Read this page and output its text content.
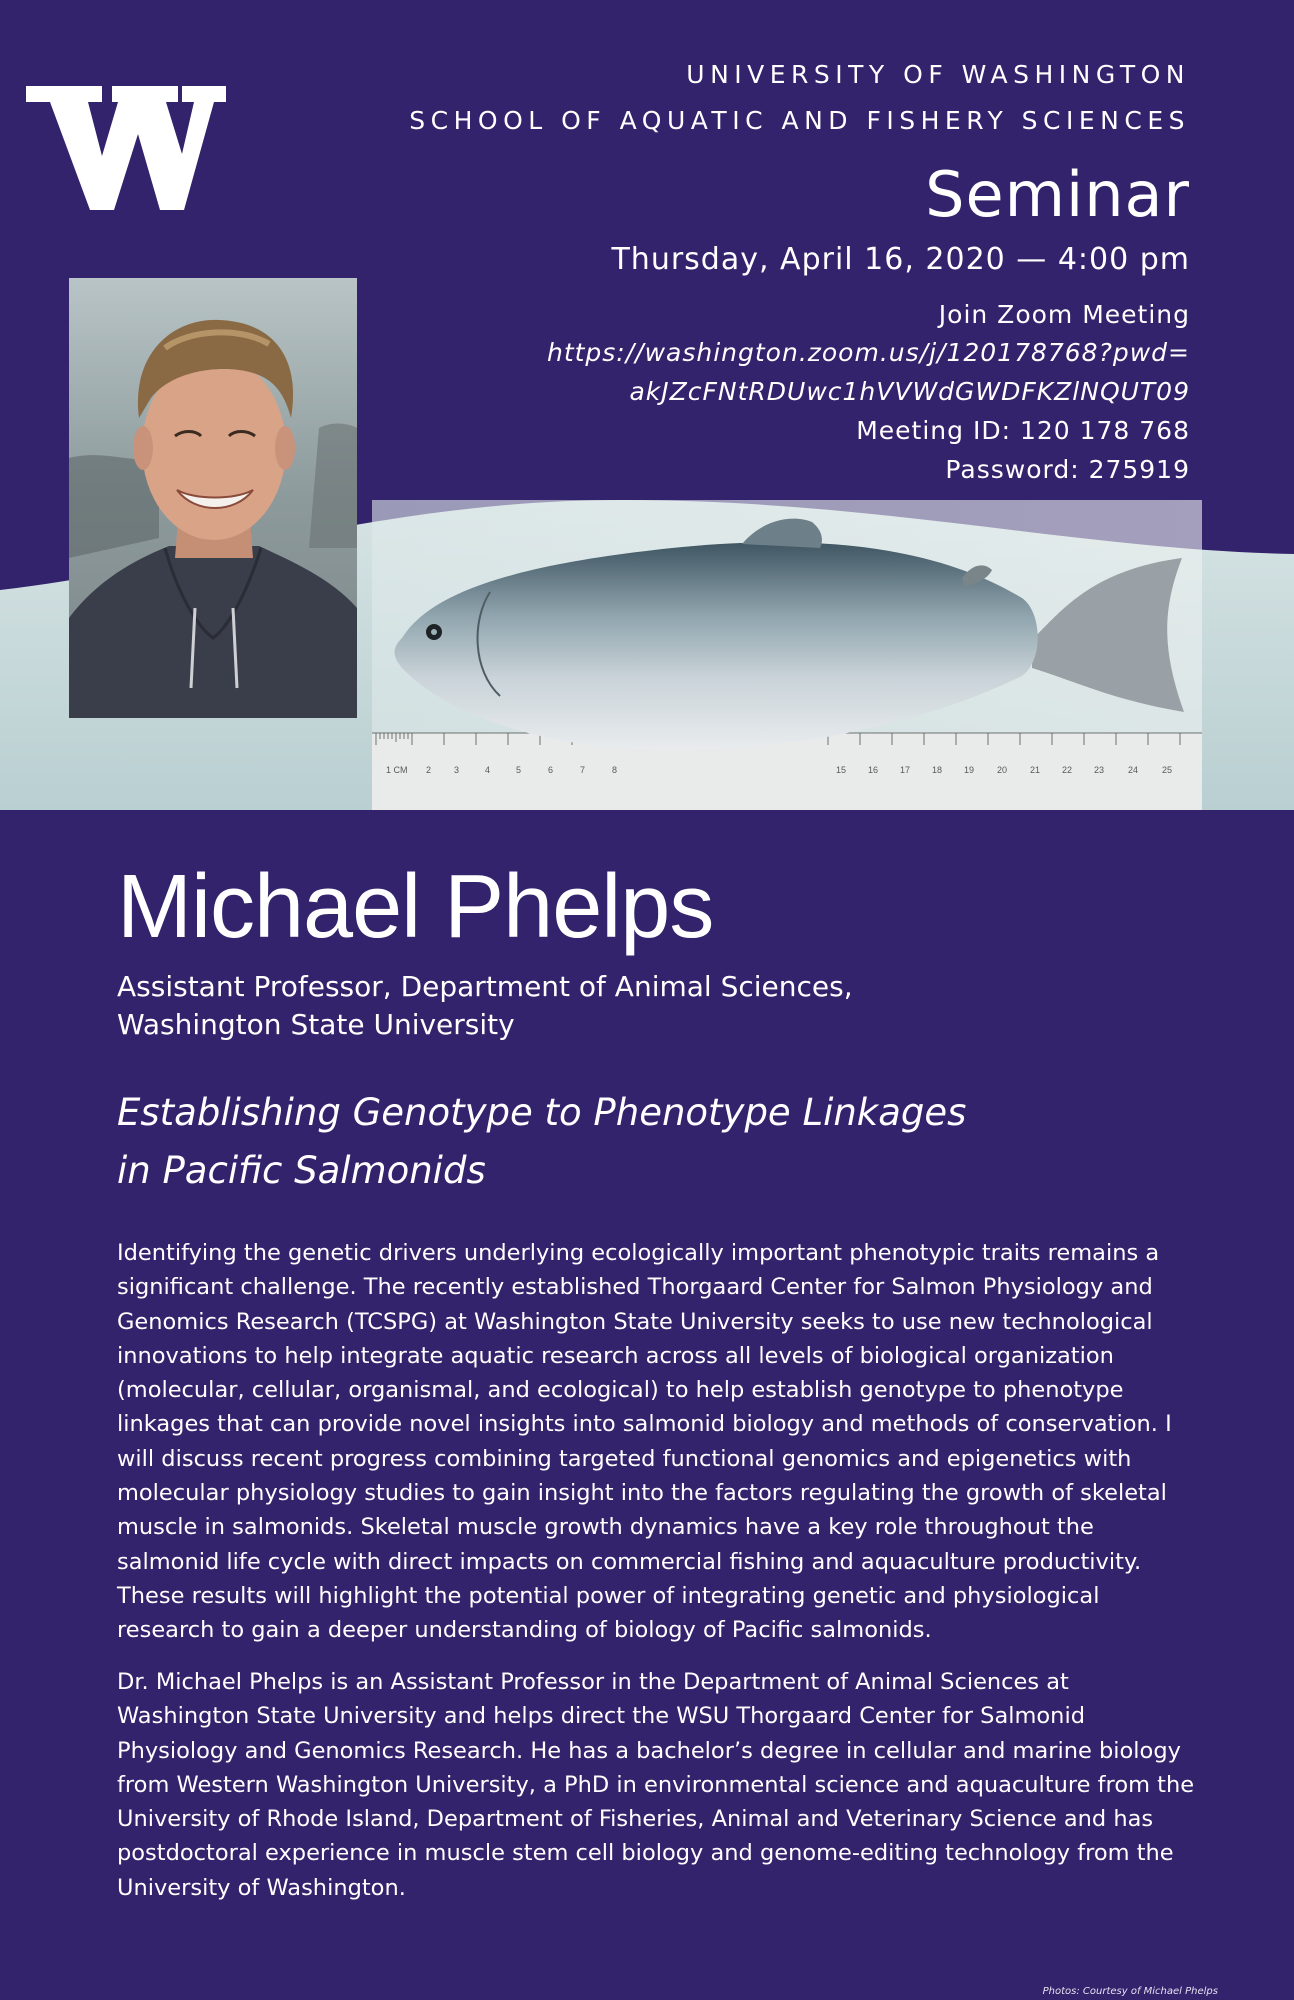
UNIVERSITY OF WASHINGTON
SCHOOL OF AQUATIC AND FISHERY SCIENCES
Seminar
Thursday, April 16, 2020 — 4:00 pm
Join Zoom Meeting
https://washington.zoom.us/j/120178768?pwd=
akJZcFNtRDUwc1hVVWdGWDFKZlNQUT09
Meeting ID: 120 178 768
Password: 275919
1 CM 2	3	4	5	6	7	8	15 16 17 18 19	20	21 22 23	24	25
Michael Phelps
Assistant Professor, Department of Animal Sciences,
Washington State University
Establishing Genotype to Phenotype Linkages
in Pacific Salmonids

Identifying the genetic drivers underlying ecologically important phenotypic traits remains a significant challenge. The recently established Thorgaard Center for Salmon Physiology and Genomics Research (TCSPG) at Washington State University seeks to use new technological innovations to help integrate aquatic research across all levels of biological organization (molecular, cellular, organismal, and ecological) to help establish genotype to phenotype linkages that can provide novel insights into salmonid biology and methods of conservation. I will discuss recent progress combining targeted functional genomics and epigenetics with molecular physiology studies to gain insight into the factors regulating the growth of skeletal muscle in salmonids. Skeletal muscle growth dynamics have a key role throughout the salmonid life cycle with direct impacts on commercial fishing and aquaculture productivity. These results will highlight the potential power of integrating genetic and physiological research to gain a deeper understanding of biology of Pacific salmonids.

Dr. Michael Phelps is an Assistant Professor in the Department of Animal Sciences at Washington State University and helps direct the WSU Thorgaard Center for Salmonid Physiology and Genomics Research. He has a bachelor’s degree in cellular and marine biology from Western Washington University, a PhD in environmental science and aquaculture from the University of Rhode Island, Department of Fisheries, Animal and Veterinary Science and has postdoctoral experience in muscle stem cell biology and genome-editing technology from the University of Washington.

Photos: Courtesy of Michael Phelps
